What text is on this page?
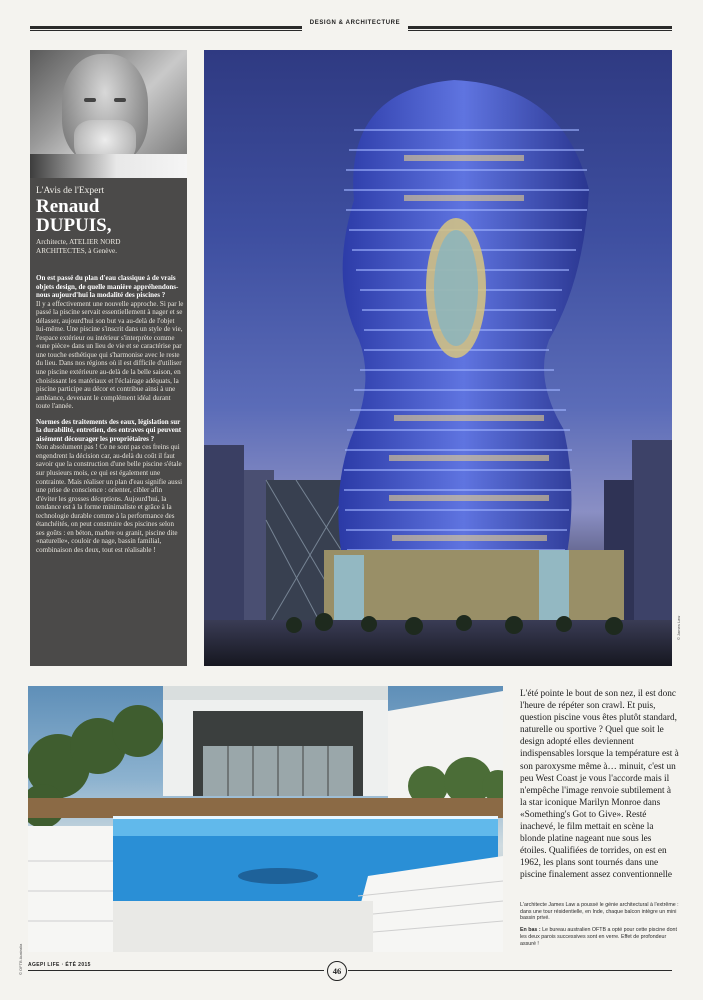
DESIGN & ARCHITECTURE
L'Avis de l'Expert
Renaud
DUPUIS,
Architecte, ATELIER NORD
ARCHITECTES, à Genève.

On est passé du plan d'eau classique à de vrais objets design, de quelle manière appréhendons-nous aujourd'hui la modalité des piscines ?
Il y a effectivement une nouvelle approche. Si par le passé la piscine servait essentiellement à nager et se délasser, aujourd'hui son but va au-delà de l'objet lui-même. Une piscine s'inscrit dans un style de vie, l'espace extérieur ou intérieur s'interprète comme «une pièce» dans un lieu de vie et se caractérise par une touche esthétique qui s'harmonise avec le reste du lieu. Dans nos régions où il est difficile d'utiliser une piscine extérieure au-delà de la belle saison, en choisissant les matériaux et l'éclairage adéquats, la piscine participe au décor et contribue ainsi à une ambiance, devenant le complément idéal durant toute l'année.

Normes des traitements des eaux, législation sur la durabilité, entretien, des entraves qui peuvent aisément décourager les propriétaires ?
Non absolument pas ! Ce ne sont pas ces freins qui engendrent la décision car, au-delà du coût il faut savoir que la construction d'une belle piscine s'étale sur plusieurs mois, ce qui est également une contrainte. Mais réaliser un plan d'eau signifie aussi une prise de conscience : orienter, cibler afin d'éviter les grosses déceptions. Aujourd'hui, la tendance est à la forme minimaliste et grâce à la technologie durable comme à la performance des étanchéités, on peut construire des piscines selon ses goûts : en béton, marbre ou granit, piscine dite «naturelle», couloir de nage, bassin familial, combinaison des deux, tout est réalisable !

© James Law
© OFTB Australia
L'été pointe le bout de son nez, il est donc l'heure de répéter son crawl. Et puis, question piscine vous êtes plutôt standard, naturelle ou sportive ? Quel que soit le design adopté elles deviennent indispensables lorsque la température est à son paroxysme même à… minuit, c'est un peu West Coast je vous l'accorde mais il n'empêche l'image renvoie subtilement à la star iconique Marilyn Monroe dans «Something's Got to Give». Resté inachevé, le film mettait en scène la blonde platine nageant nue sous les étoiles. Qualifiées de torrides, on est en 1962, les plans sont tournés dans une piscine finalement assez conventionnelle

L'architecte James Law a poussé le génie architectural à l'extrême : dans une tour résidentielle, en Inde, chaque balcon intègre un mini bassin privé.

En bas : Le bureau australien OFTB a opté pour cette piscine dont les deux parois successives sont en verre. Effet de profondeur assuré !

AGEPI LIFE · ÉTÉ 2015
46
